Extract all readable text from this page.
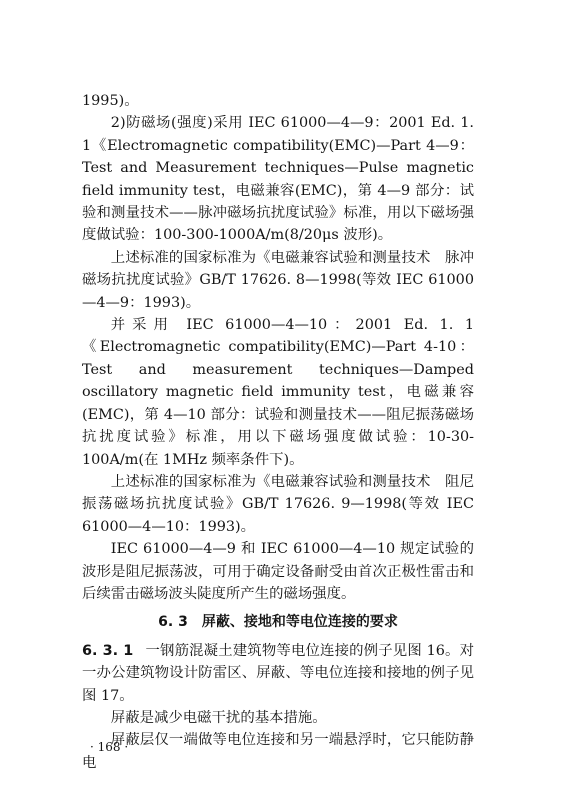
1995)。

2)防磁场(强度)采用 IEC 61000—4—9：2001 Ed. 1. 1《Electromagnetic compatibility(EMC)—Part 4—9：Test and Measurement techniques—Pulse magnetic field immunity test，电磁兼容(EMC)，第 4—9 部分：试验和测量技术——脉冲磁场抗扰度试验》标准，用以下磁场强度做试验：100-300-1000A/m(8/20μs 波形)。

上述标准的国家标准为《电磁兼容试验和测量技术　脉冲磁场抗扰度试验》GB/T 17626. 8—1998(等效 IEC 61000—4—9：1993)。

并采用 IEC 61000—4—10：2001 Ed. 1. 1《Electromagnetic compatibility(EMC)—Part 4-10：Test and measurement techniques—Damped oscillatory magnetic field immunity test，电磁兼容(EMC)，第 4—10 部分：试验和测量技术——阻尼振荡磁场抗扰度试验》标准，用以下磁场强度做试验：10-30-100A/m(在 1MHz 频率条件下)。

上述标准的国家标准为《电磁兼容试验和测量技术　阻尼振荡磁场抗扰度试验》GB/T 17626. 9—1998(等效 IEC 61000—4—10：1993)。

IEC 61000—4—9 和 IEC 61000—4—10 规定试验的波形是阻尼振荡波，可用于确定设备耐受由首次正极性雷击和后续雷击磁场波头陡度所产生的磁场强度。

6. 3 屏蔽、接地和等电位连接的要求

6. 3. 1 一钢筋混凝土建筑物等电位连接的例子见图 16。对一办公建筑物设计防雷区、屏蔽、等电位连接和接地的例子见图 17。

屏蔽是减少电磁干扰的基本措施。

屏蔽层仅一端做等电位连接和另一端悬浮时，它只能防静电

· 168 ·
